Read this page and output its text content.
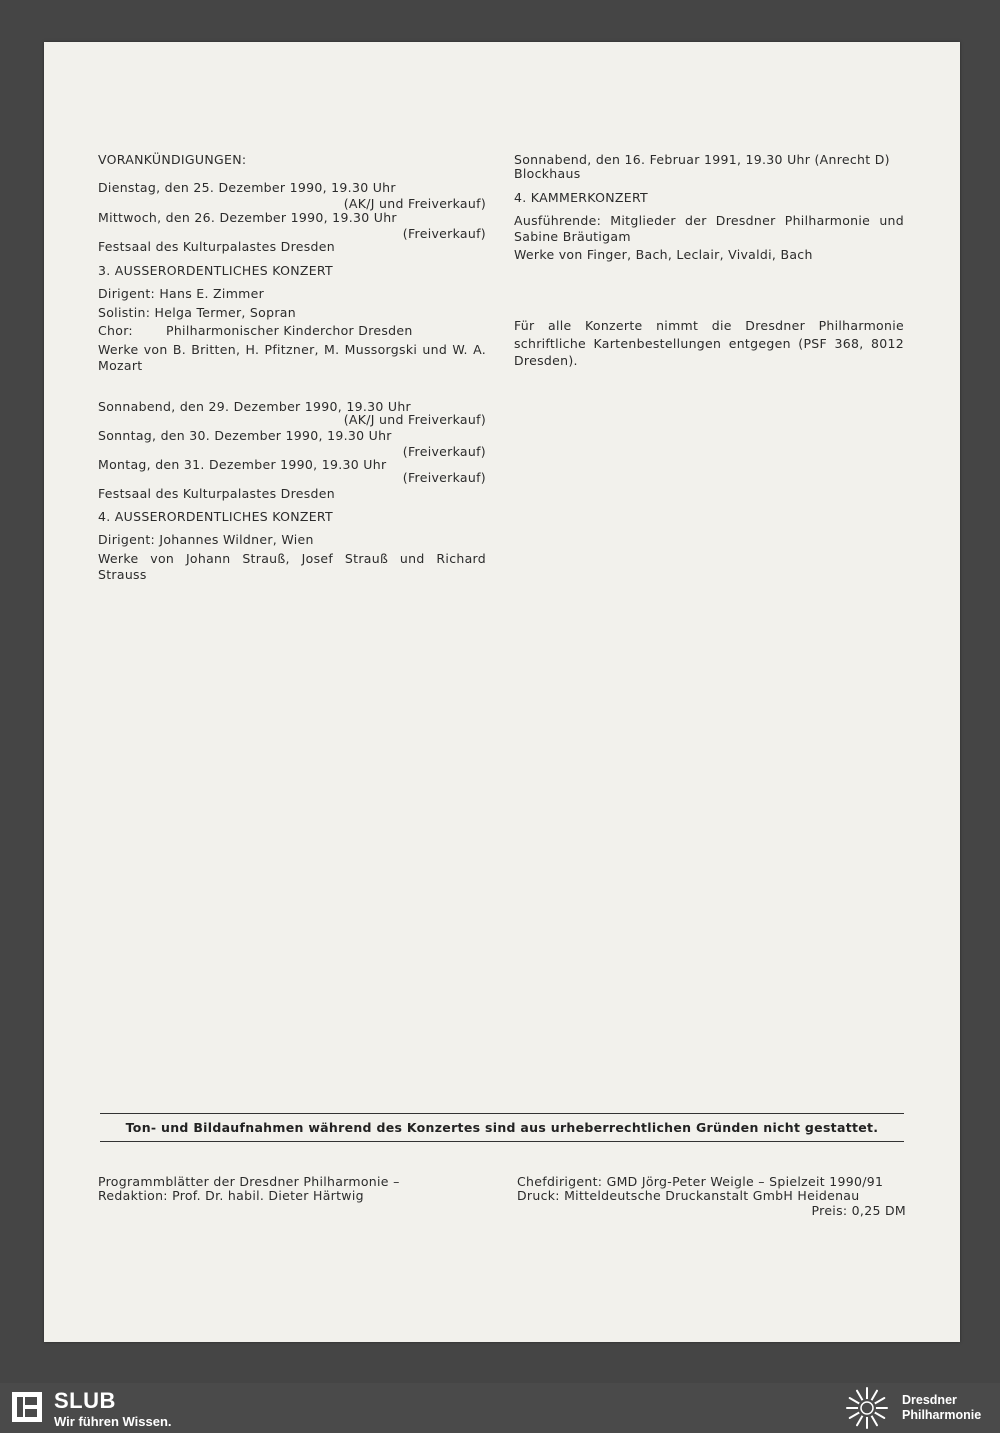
VORANKÜNDIGUNGEN:
Dienstag, den 25. Dezember 1990, 19.30 Uhr
(AK/J und Freiverkauf)
Mittwoch, den 26. Dezember 1990, 19.30 Uhr
(Freiverkauf)
Festsaal des Kulturpalastes Dresden
3. AUSSERORDENTLICHES KONZERT
Dirigent: Hans E. Zimmer
Solistin: Helga Termer, Sopran
Chor:	Philharmonischer Kinderchor Dresden
Werke von B. Britten, H. Pfitzner, M. Mussorgski und W. A. Mozart
Sonnabend, den 29. Dezember 1990, 19.30 Uhr
(AK/J und Freiverkauf)
Sonntag, den 30. Dezember 1990, 19.30 Uhr
(Freiverkauf)
Montag, den 31. Dezember 1990, 19.30 Uhr
(Freiverkauf)
Festsaal des Kulturpalastes Dresden
4. AUSSERORDENTLICHES KONZERT
Dirigent: Johannes Wildner, Wien
Werke von Johann Strauß, Josef Strauß und Richard Strauss
Sonnabend, den 16. Februar 1991, 19.30 Uhr (Anrecht D)
Blockhaus
4. KAMMERKONZERT
Ausführende: Mitglieder der Dresdner Philharmonie und Sabine Bräutigam
Werke von Finger, Bach, Leclair, Vivaldi, Bach
Für alle Konzerte nimmt die Dresdner Philharmonie schriftliche Kartenbestellungen entgegen (PSF 368, 8012 Dresden).
Ton- und Bildaufnahmen während des Konzertes sind aus urheberrechtlichen Gründen nicht gestattet.
Programmblätter der Dresdner Philharmonie –
Redaktion: Prof. Dr. habil. Dieter Härtwig
Chefdirigent: GMD Jörg-Peter Weigle – Spielzeit 1990/91
Druck: Mitteldeutsche Druckanstalt GmbH Heidenau
Preis: 0,25 DM
SLUB
Wir führen Wissen.
Dresdner
Philharmonie
